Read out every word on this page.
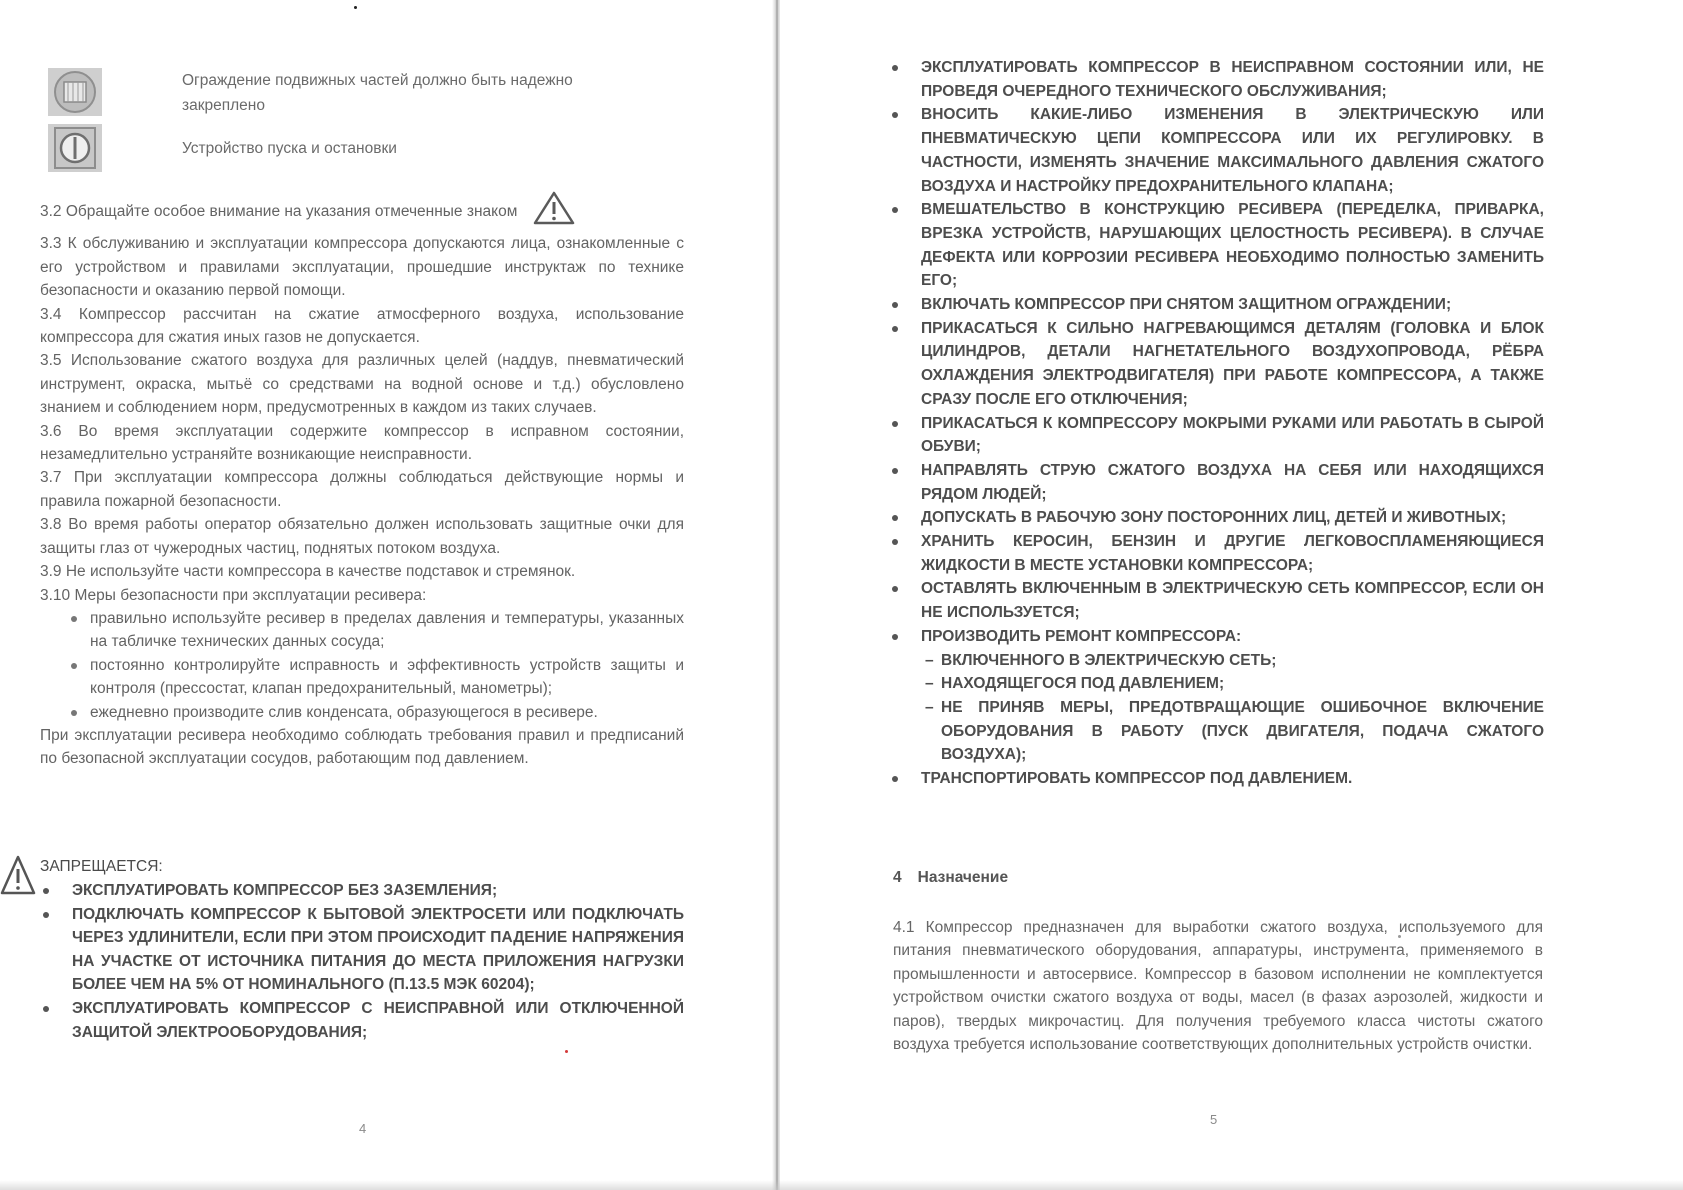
Ограждение подвижных частей должно быть надежно закреплено
Устройство пуска и остановки

3.2 Обращайте особое внимание на указания отмеченные знаком

3.3 К обслуживанию и эксплуатации компрессора допускаются лица, ознакомленные с его устройством и правилами эксплуатации, прошедшие инструктаж по технике безопасности и оказанию первой помощи.

3.4 Компрессор рассчитан на сжатие атмосферного воздуха, использование компрессора для сжатия иных газов не допускается.

3.5 Использование сжатого воздуха для различных целей (наддув, пневматический инструмент, окраска, мытьё со средствами на водной основе и т.д.) обусловлено знанием и соблюдением норм, предусмотренных в каждом из таких случаев.

3.6 Во время эксплуатации содержите компрессор в исправном состоянии, незамедлительно устраняйте возникающие неисправности.

3.7 При эксплуатации компрессора должны соблюдаться действующие нормы и правила пожарной безопасности.

3.8 Во время работы оператор обязательно должен использовать защитные очки для защиты глаз от чужеродных частиц, поднятых потоком воздуха.

3.9 Не используйте части компрессора в качестве подставок и стремянок.

3.10 Меры безопасности при эксплуатации ресивера:

правильно используйте ресивер в пределах давления и температуры, указанных на табличке технических данных сосуда;
постоянно контролируйте исправность и эффективность устройств защиты и контроля (прессостат, клапан предохранительный, манометры);
ежедневно производите слив конденсата, образующегося в ресивере.

При эксплуатации ресивера необходимо соблюдать требования правил и предписаний по безопасной эксплуатации сосудов, работающим под давлением.

ЗАПРЕЩАЕТСЯ:
ЭКСПЛУАТИРОВАТЬ КОМПРЕССОР БЕЗ ЗАЗЕМЛЕНИЯ;
ПОДКЛЮЧАТЬ КОМПРЕССОР К БЫТОВОЙ ЭЛЕКТРОСЕТИ ИЛИ ПОДКЛЮЧАТЬ ЧЕРЕЗ УДЛИНИТЕЛИ, ЕСЛИ ПРИ ЭТОМ ПРОИСХОДИТ ПАДЕНИЕ НАПРЯЖЕНИЯ НА УЧАСТКЕ ОТ ИСТОЧНИКА ПИТАНИЯ ДО МЕСТА ПРИЛОЖЕНИЯ НАГРУЗКИ БОЛЕЕ ЧЕМ НА 5% ОТ НОМИНАЛЬНОГО (П.13.5 МЭК 60204);
ЭКСПЛУАТИРОВАТЬ КОМПРЕССОР С НЕИСПРАВНОЙ ИЛИ ОТКЛЮЧЕННОЙ ЗАЩИТОЙ ЭЛЕКТРООБОРУДОВАНИЯ;
4
ЭКСПЛУАТИРОВАТЬ КОМПРЕССОР В НЕИСПРАВНОМ СОСТОЯНИИ ИЛИ, НЕ ПРОВЕДЯ ОЧЕРЕДНОГО ТЕХНИЧЕСКОГО ОБСЛУЖИВАНИЯ;
ВНОСИТЬ КАКИЕ-ЛИБО ИЗМЕНЕНИЯ В ЭЛЕКТРИЧЕСКУЮ ИЛИ ПНЕВМАТИЧЕСКУЮ ЦЕПИ КОМПРЕССОРА ИЛИ ИХ РЕГУЛИРОВКУ. В ЧАСТНОСТИ, ИЗМЕНЯТЬ ЗНАЧЕНИЕ МАКСИМАЛЬНОГО ДАВЛЕНИЯ СЖАТОГО ВОЗДУХА И НАСТРОЙКУ ПРЕДОХРАНИТЕЛЬНОГО КЛАПАНА;
ВМЕШАТЕЛЬСТВО В КОНСТРУКЦИЮ РЕСИВЕРА (ПЕРЕДЕЛКА, ПРИВАРКА, ВРЕЗКА УСТРОЙСТВ, НАРУШАЮЩИХ ЦЕЛОСТНОСТЬ РЕСИВЕРА). В СЛУЧАЕ ДЕФЕКТА ИЛИ КОРРОЗИИ РЕСИВЕРА НЕОБХОДИМО ПОЛНОСТЬЮ ЗАМЕНИТЬ ЕГО;
ВКЛЮЧАТЬ КОМПРЕССОР ПРИ СНЯТОМ ЗАЩИТНОМ ОГРАЖДЕНИИ;
ПРИКАСАТЬСЯ К СИЛЬНО НАГРЕВАЮЩИМСЯ ДЕТАЛЯМ (ГОЛОВКА И БЛОК ЦИЛИНДРОВ, ДЕТАЛИ НАГНЕТАТЕЛЬНОГО ВОЗДУХОПРОВОДА, РЁБРА ОХЛАЖДЕНИЯ ЭЛЕКТРОДВИГАТЕЛЯ) ПРИ РАБОТЕ КОМПРЕССОРА, А ТАКЖЕ СРАЗУ ПОСЛЕ ЕГО ОТКЛЮЧЕНИЯ;
ПРИКАСАТЬСЯ К КОМПРЕССОРУ МОКРЫМИ РУКАМИ ИЛИ РАБОТАТЬ В СЫРОЙ ОБУВИ;
НАПРАВЛЯТЬ СТРУЮ СЖАТОГО ВОЗДУХА НА СЕБЯ ИЛИ НАХОДЯЩИХСЯ РЯДОМ ЛЮДЕЙ;
ДОПУСКАТЬ В РАБОЧУЮ ЗОНУ ПОСТОРОННИХ ЛИЦ, ДЕТЕЙ И ЖИВОТНЫХ;
ХРАНИТЬ КЕРОСИН, БЕНЗИН И ДРУГИЕ ЛЕГКОВОСПЛАМЕНЯЮЩИЕСЯ ЖИДКОСТИ В МЕСТЕ УСТАНОВКИ КОМПРЕССОРА;
ОСТАВЛЯТЬ ВКЛЮЧЕННЫМ В ЭЛЕКТРИЧЕСКУЮ СЕТЬ КОМПРЕССОР, ЕСЛИ ОН НЕ ИСПОЛЬЗУЕТСЯ;
ПРОИЗВОДИТЬ РЕМОНТ КОМПРЕССОРА:
– ВКЛЮЧЕННОГО В ЭЛЕКТРИЧЕСКУЮ СЕТЬ;
– НАХОДЯЩЕГОСЯ ПОД ДАВЛЕНИЕМ;
– НЕ ПРИНЯВ МЕРЫ, ПРЕДОТВРАЩАЮЩИЕ ОШИБОЧНОЕ ВКЛЮЧЕНИЕ ОБОРУДОВАНИЯ В РАБОТУ (ПУСК ДВИГАТЕЛЯ, ПОДАЧА СЖАТОГО ВОЗДУХА);
ТРАНСПОРТИРОВАТЬ КОМПРЕССОР ПОД ДАВЛЕНИЕМ.
4 Назначение

4.1 Компрессор предназначен для выработки сжатого воздуха, используемого для питания пневматического оборудования, аппаратуры, инструмента, применяемого в промышленности и автосервисе. Компрессор в базовом исполнении не комплектуется устройством очистки сжатого воздуха от воды, масел (в фазах аэрозолей, жидкости и паров), твердых микрочастиц. Для получения требуемого класса чистоты сжатого воздуха требуется использование соответствующих дополнительных устройств очистки.

5
